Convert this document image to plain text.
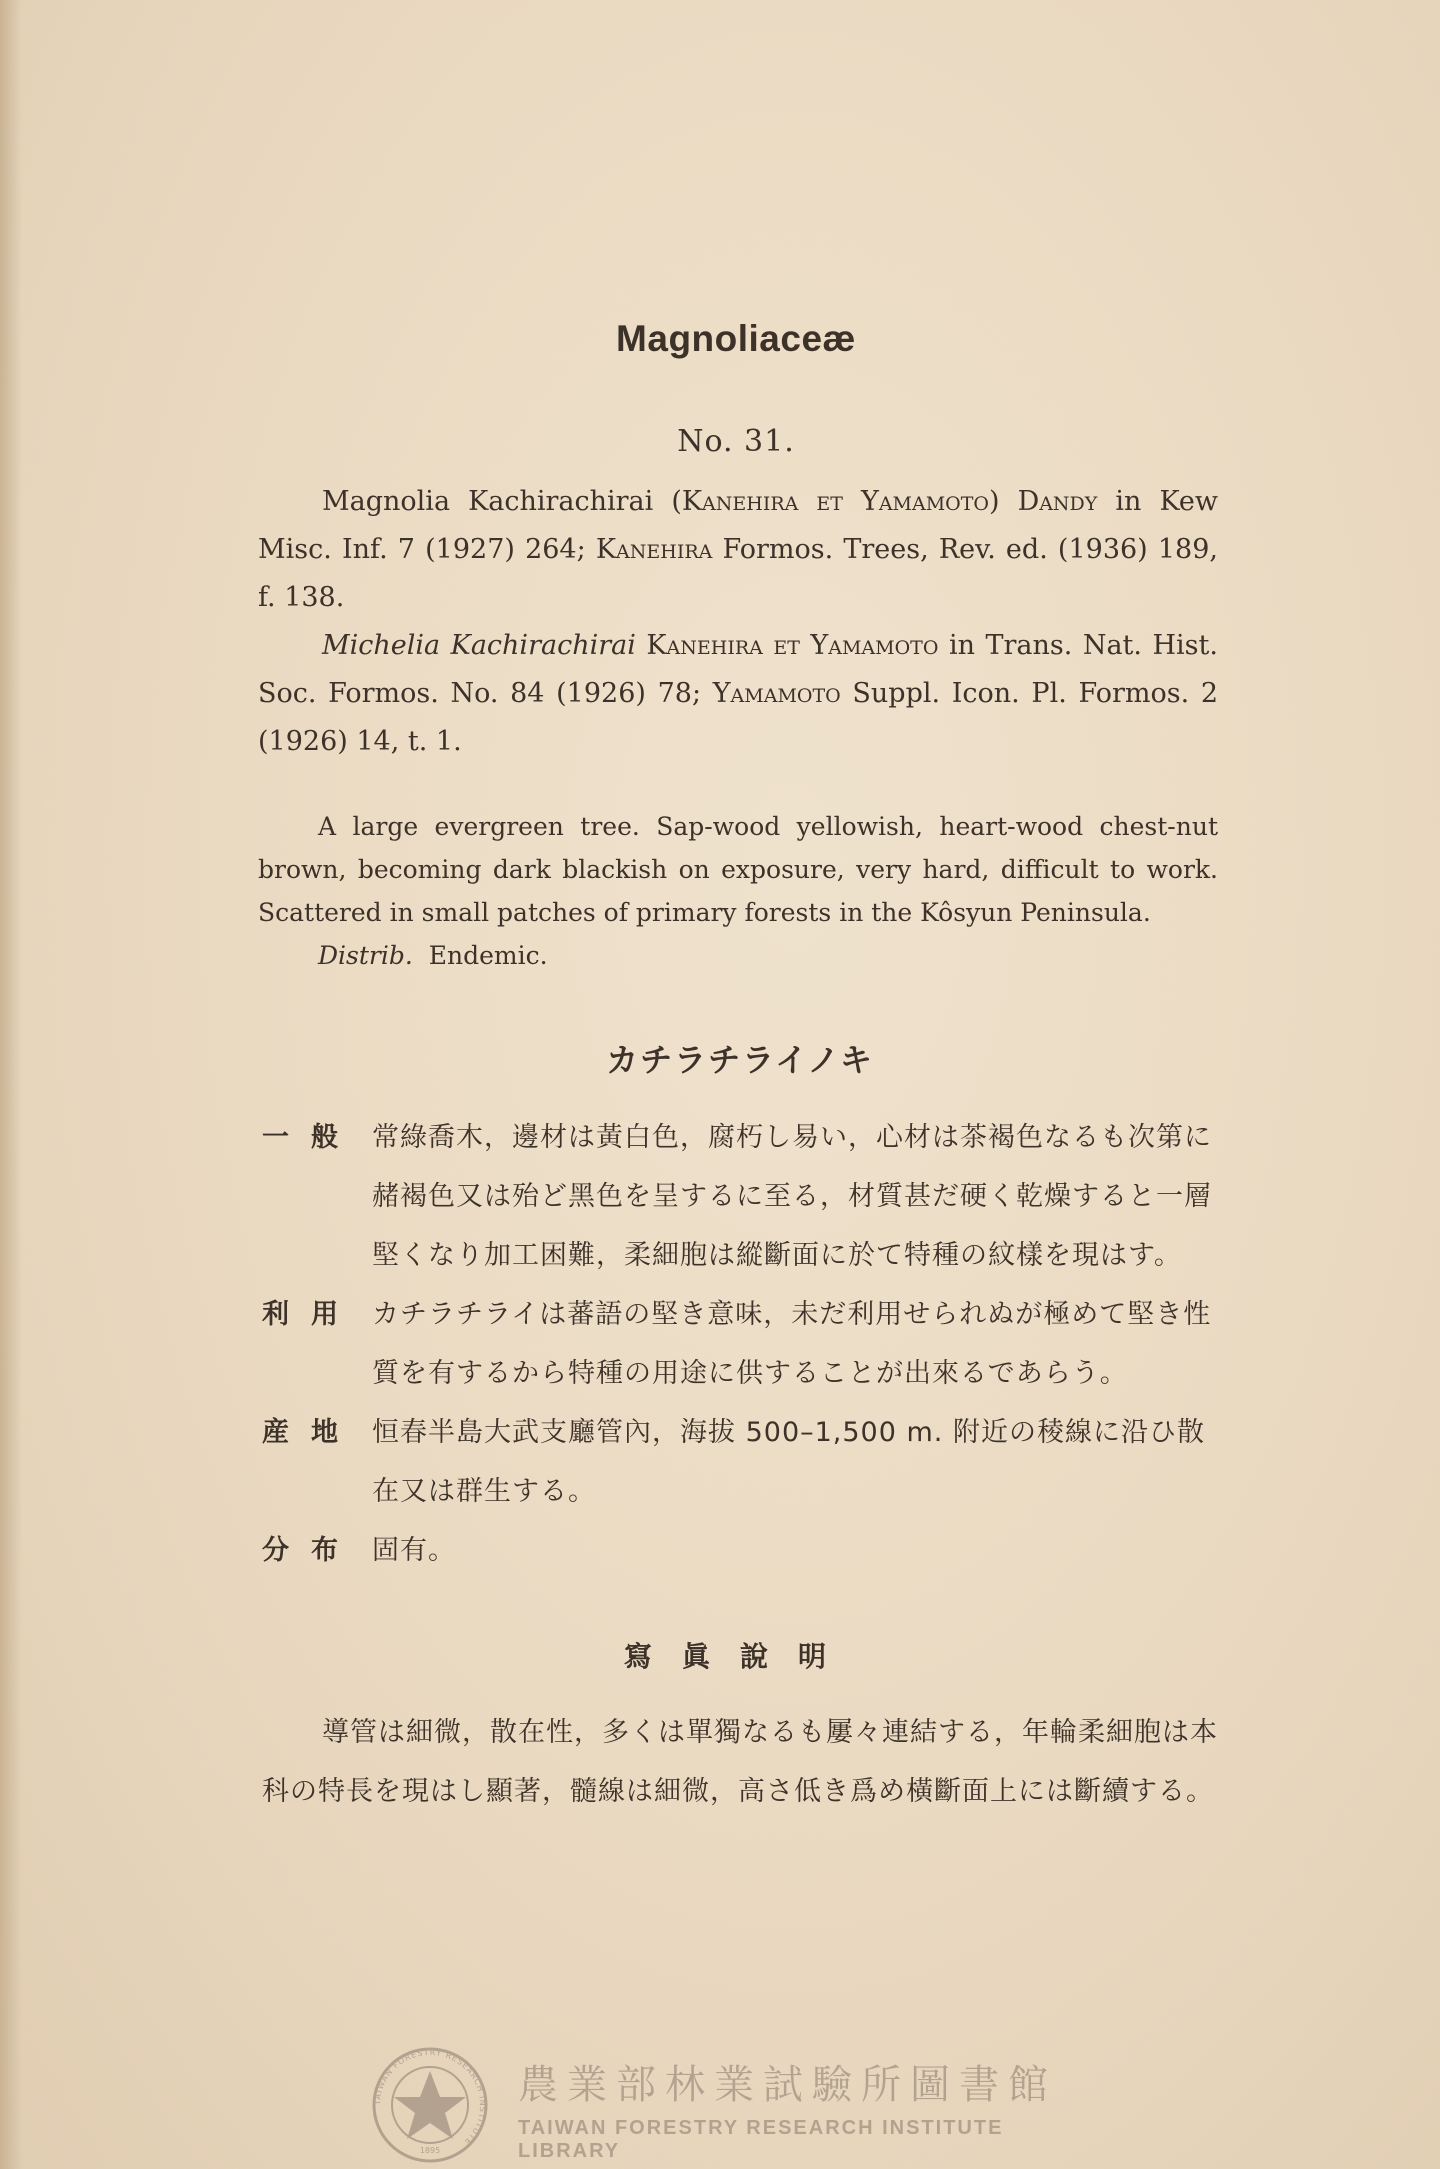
Magnoliaceæ
No. 31.

Magnolia Kachirachirai (Kanehira et Yamamoto) Dandy in Kew Misc. Inf. 7 (1927) 264; Kanehira Formos. Trees, Rev. ed. (1936) 189, f. 138.

Michelia Kachirachirai Kanehira et Yamamoto in Trans. Nat. Hist. Soc. Formos. No. 84 (1926) 78; Yamamoto Suppl. Icon. Pl. Formos. 2 (1926) 14, t. 1.

A large evergreen tree. Sap-wood yellowish, heart-wood chest-nut brown, becoming dark blackish on exposure, very hard, difficult to work. Scattered in small patches of primary forests in the Kôsyun Peninsula.

Distrib. Endemic.

カチラチライノキ
一般 常綠喬木，邊材は黃白色，腐朽し易い，心材は茶褐色なるも次第に赭褐色又は殆ど黑色を呈するに至る，材質甚だ硬く乾燥すると一層堅くなり加工困難，柔細胞は縱斷面に於て特種の紋樣を現はす。
利用 カチラチライは蕃語の堅き意味，未だ利用せられぬが極めて堅き性質を有するから特種の用途に供することが出來るであらう。
産地 恒春半島大武支廳管內，海拔 500–1,500 m. 附近の稜線に沿ひ散在又は群生する。
分布 固有。
寫眞說明
導管は細微，散在性，多くは單獨なるも屢々連結する，年輪柔細胞は本科の特長を現はし顯著，髓線は細微，高さ低き爲め橫斷面上には斷續する。
TAIWAN FORESTRY RESEARCH INSTITUTE
1895
農業部林業試驗所圖書館
TAIWAN FORESTRY RESEARCH INSTITUTE LIBRARY
